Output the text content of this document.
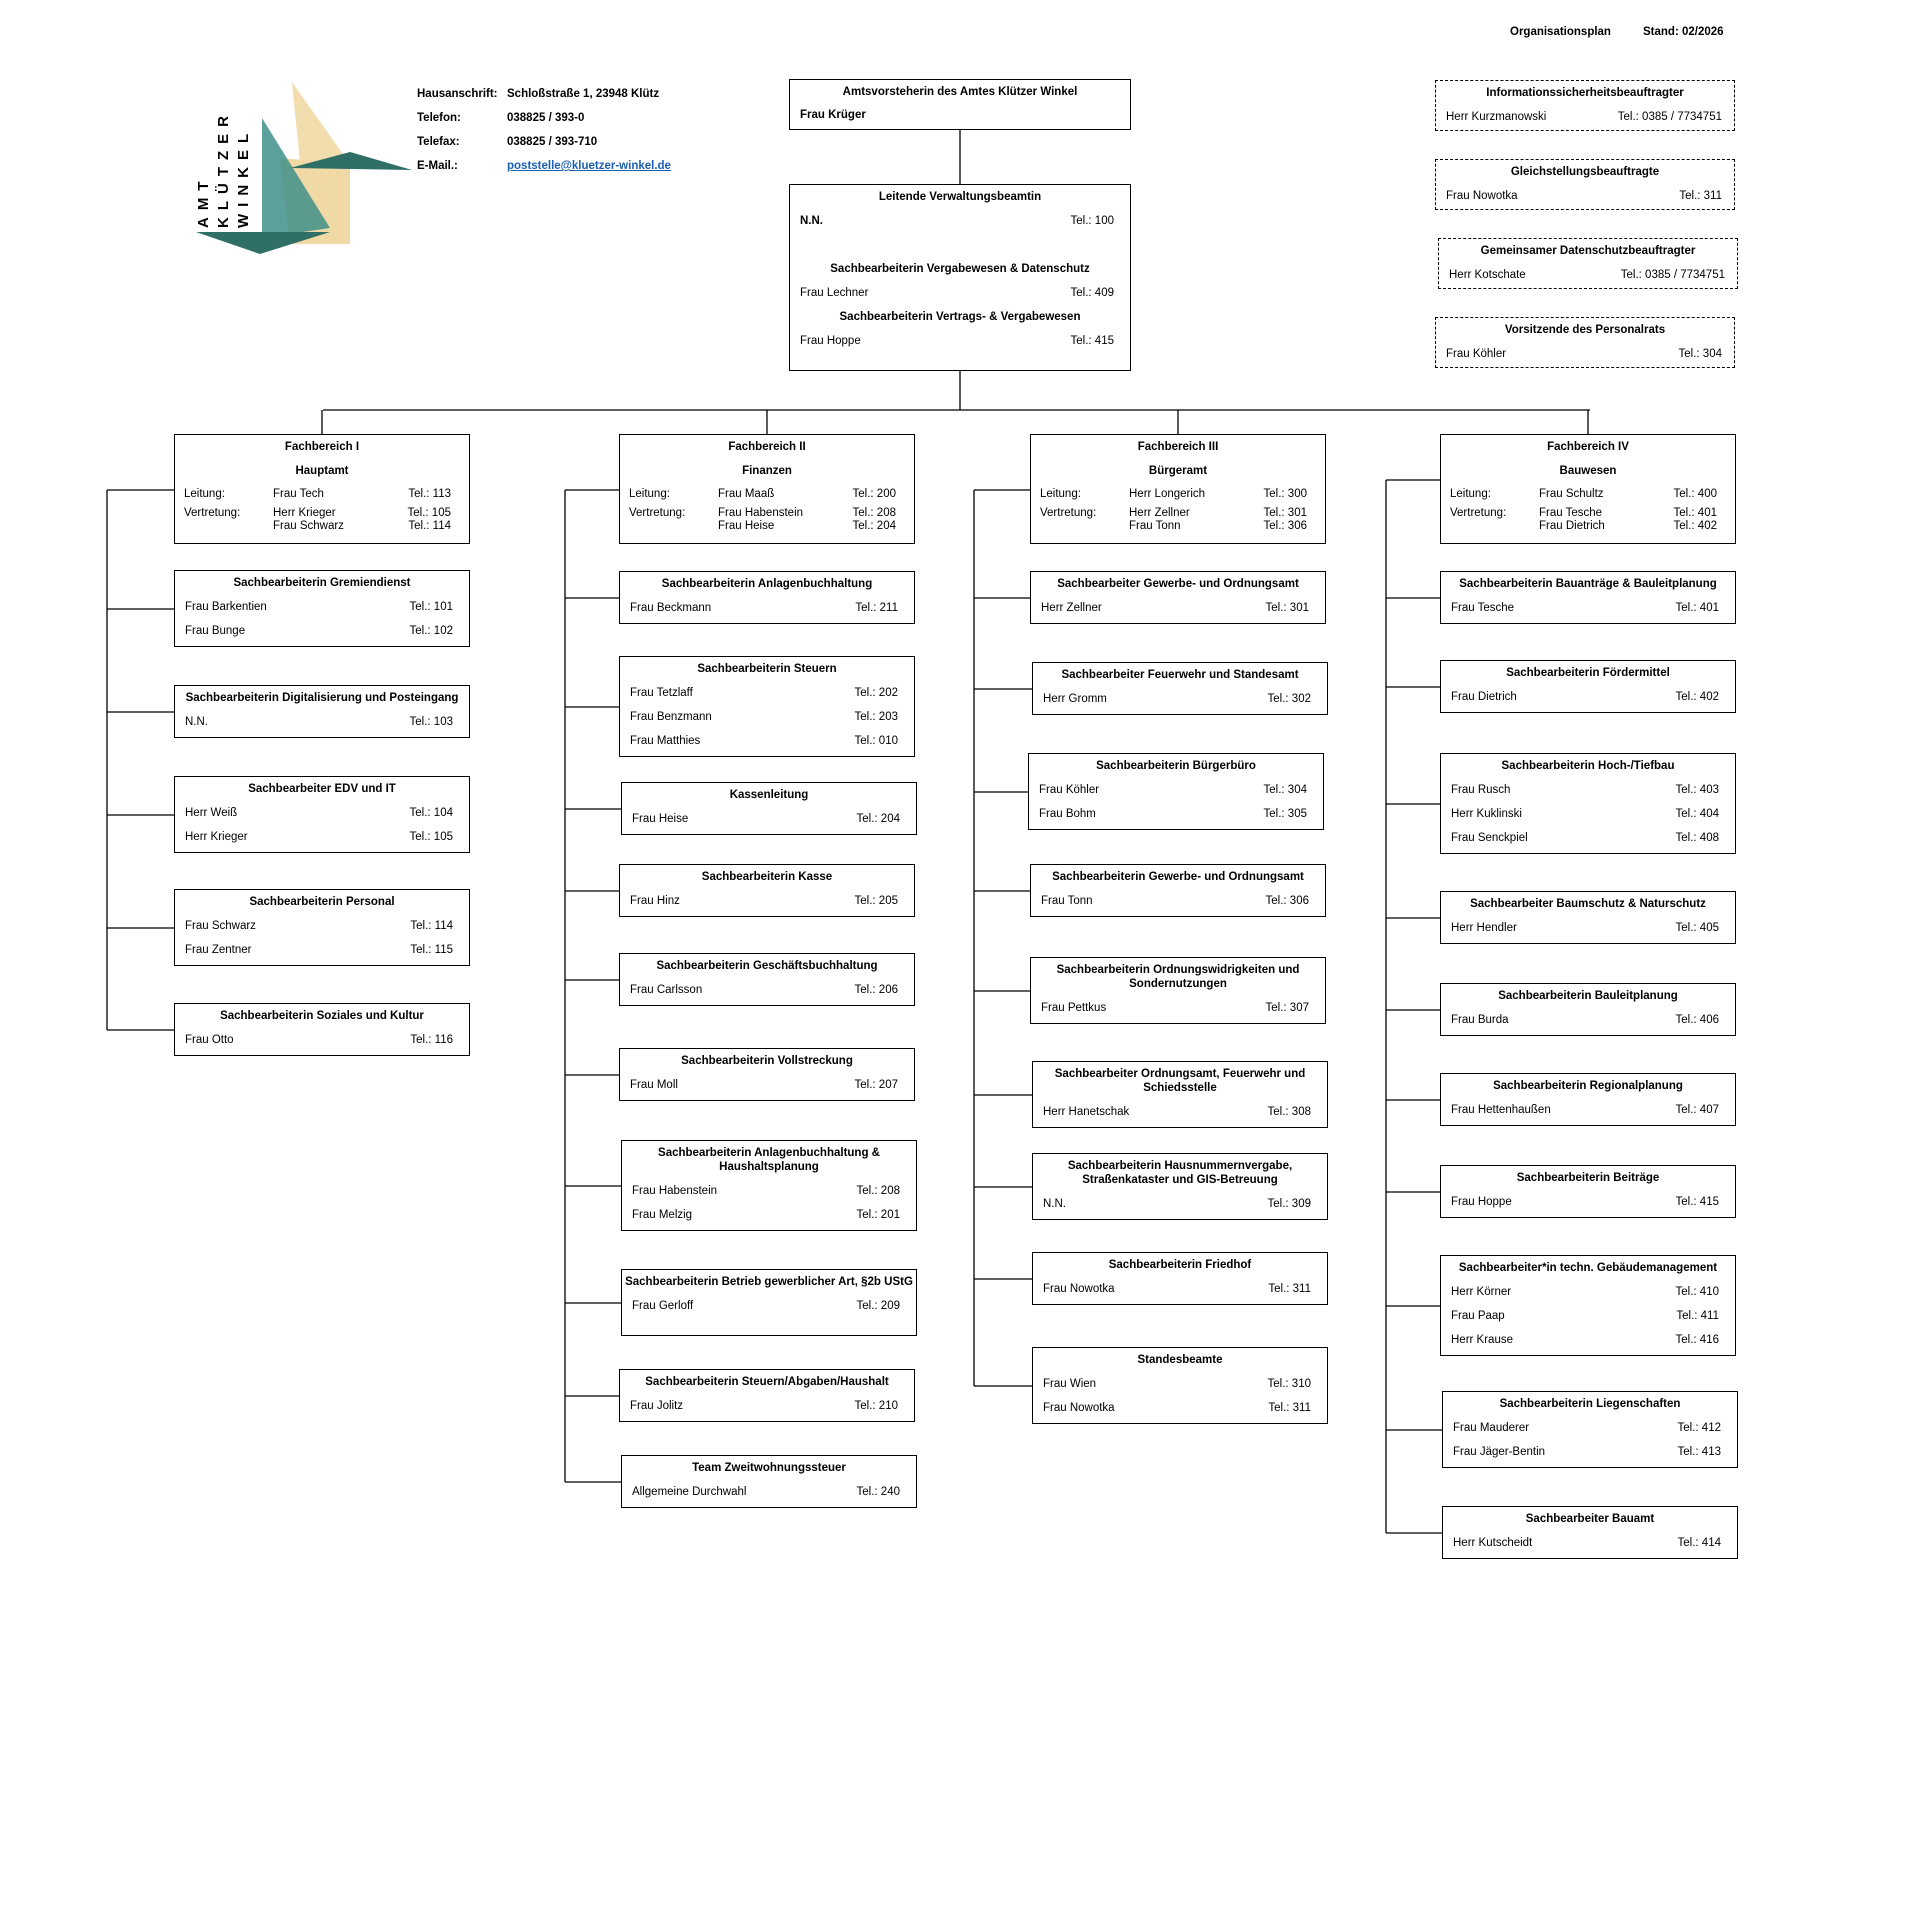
Organisationsplan	Stand: 02/2026
AMT KLÜTZER WINKEL
Hausanschrift: Schloßstraße 1, 23948 Klütz
Telefon:	038825 / 393-0
Telefax:	038825 / 393-710
E-Mail.:	poststelle@kluetzer-winkel.de
Amtsvorsteherin des Amtes Klützer Winkel
Frau Krüger
Leitende Verwaltungsbeamtin
N.N.	Tel.: 100
Sachbearbeiterin Vergabewesen & Datenschutz
Frau Lechner	Tel.: 409
Sachbearbeiterin Vertrags- & Vergabewesen
Frau Hoppe	Tel.: 415
Informationssicherheitsbeauftragter
Herr Kurzmanowski	Tel.: 0385 / 7734751
Gleichstellungsbeauftragte
Frau Nowotka	Tel.: 311
Gemeinsamer Datenschutzbeauftragter
Herr Kotschate	Tel.: 0385 / 7734751
Vorsitzende des Personalrats
Frau Köhler	Tel.: 304
Fachbereich I
Hauptamt
Leitung:	Frau Tech	Tel.: 113
Vertretung:	Herr Krieger	Tel.: 105
Frau Schwarz	Tel.: 114
Sachbearbeiterin Gremiendienst
Frau Barkentien	Tel.: 101
Frau Bunge	Tel.: 102
Sachbearbeiterin Digitalisierung und Posteingang
N.N.	Tel.: 103
Sachbearbeiter EDV und IT
Herr Weiß	Tel.: 104
Herr Krieger	Tel.: 105
Sachbearbeiterin Personal
Frau Schwarz	Tel.: 114
Frau Zentner	Tel.: 115
Sachbearbeiterin Soziales und Kultur
Frau Otto	Tel.: 116
Fachbereich II
Finanzen
Leitung:	Frau Maaß	Tel.: 200
Vertretung:	Frau Habenstein	Tel.: 208
Frau Heise	Tel.: 204
Sachbearbeiterin Anlagenbuchhaltung
Frau Beckmann	Tel.: 211
Sachbearbeiterin Steuern
Frau Tetzlaff	Tel.: 202
Frau Benzmann	Tel.: 203
Frau Matthies	Tel.: 010
Kassenleitung
Frau Heise	Tel.: 204
Sachbearbeiterin Kasse
Frau Hinz	Tel.: 205
Sachbearbeiterin Geschäftsbuchhaltung
Frau Carlsson	Tel.: 206
Sachbearbeiterin Vollstreckung
Frau Moll	Tel.: 207
Sachbearbeiterin Anlagenbuchhaltung & Haushaltsplanung
Frau Habenstein	Tel.: 208
Frau Melzig	Tel.: 201
Sachbearbeiterin Betrieb gewerblicher Art, §2b UStG
Frau Gerloff	Tel.: 209
Sachbearbeiterin Steuern/Abgaben/Haushalt
Frau Jolitz	Tel.: 210
Team Zweitwohnungssteuer
Allgemeine Durchwahl	Tel.: 240
Fachbereich III
Bürgeramt
Leitung:	Herr Longerich	Tel.: 300
Vertretung:	Herr Zellner	Tel.: 301
Frau Tonn	Tel.: 306
Sachbearbeiter Gewerbe- und Ordnungsamt
Herr Zellner	Tel.: 301
Sachbearbeiter Feuerwehr und Standesamt
Herr Gromm	Tel.: 302
Sachbearbeiterin Bürgerbüro
Frau Köhler	Tel.: 304
Frau Bohm	Tel.: 305
Sachbearbeiterin Gewerbe- und Ordnungsamt
Frau Tonn	Tel.: 306
Sachbearbeiterin Ordnungswidrigkeiten und Sondernutzungen
Frau Pettkus	Tel.: 307
Sachbearbeiter Ordnungsamt, Feuerwehr und Schiedsstelle
Herr Hanetschak	Tel.: 308
Sachbearbeiterin Hausnummernvergabe, Straßenkataster und GIS-Betreuung
N.N.	Tel.: 309
Sachbearbeiterin Friedhof
Frau Nowotka	Tel.: 311
Standesbeamte
Frau Wien	Tel.: 310
Frau Nowotka	Tel.: 311
Fachbereich IV
Bauwesen
Leitung:	Frau Schultz	Tel.: 400
Vertretung:	Frau Tesche	Tel.: 401
Frau Dietrich	Tel.: 402
Sachbearbeiterin Bauanträge & Bauleitplanung
Frau Tesche	Tel.: 401
Sachbearbeiterin Fördermittel
Frau Dietrich	Tel.: 402
Sachbearbeiterin Hoch-/Tiefbau
Frau Rusch	Tel.: 403
Herr Kuklinski	Tel.: 404
Frau Senckpiel	Tel.: 408
Sachbearbeiter Baumschutz & Naturschutz
Herr Hendler	Tel.: 405
Sachbearbeiterin Bauleitplanung
Frau Burda	Tel.: 406
Sachbearbeiterin Regionalplanung
Frau Hettenhaußen	Tel.: 407
Sachbearbeiterin Beiträge
Frau Hoppe	Tel.: 415
Sachbearbeiter*in techn. Gebäudemanagement
Herr Körner	Tel.: 410
Frau Paap	Tel.: 411
Herr Krause	Tel.: 416
Sachbearbeiterin Liegenschaften
Frau Mauderer	Tel.: 412
Frau Jäger-Bentin	Tel.: 413
Sachbearbeiter Bauamt
Herr Kutscheidt	Tel.: 414
